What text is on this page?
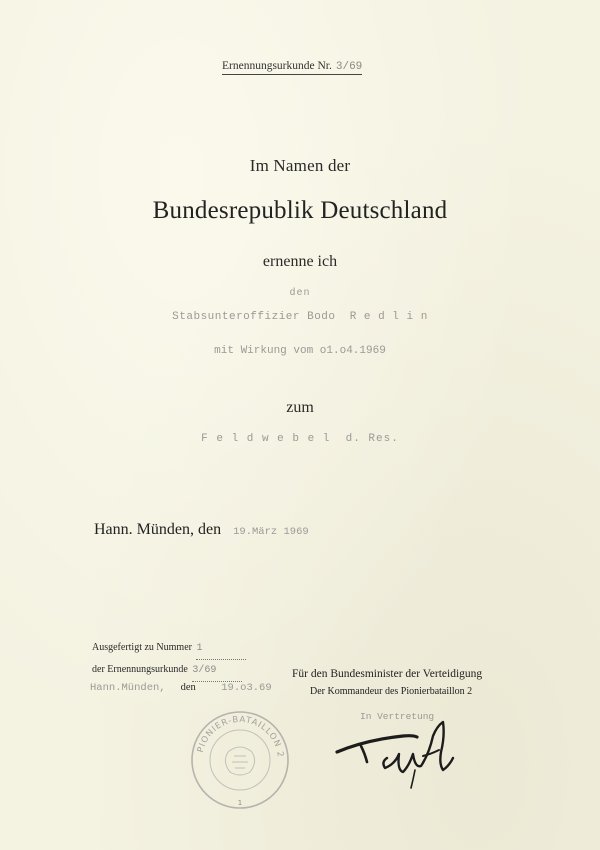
Ernennungsurkunde Nr. 3/69
Im Namen der
Bundesrepublik Deutschland
ernenne ich
den
Stabsunteroffizier Bodo  R e d l i n
mit Wirkung vom o1.o4.1969
zum
F e l d w e b e l  d. Res.
Hann. Münden, den 19.März 1969
Ausgefertigt zu Nummer 1
der Ernennungsurkunde 3/69
Hann.Münden, den 19.o3.69
Für den Bundesminister der Verteidigung
Der Kommandeur des Pionierbataillon 2
In Vertretung
PIONIER-BATAILLON 2
1
